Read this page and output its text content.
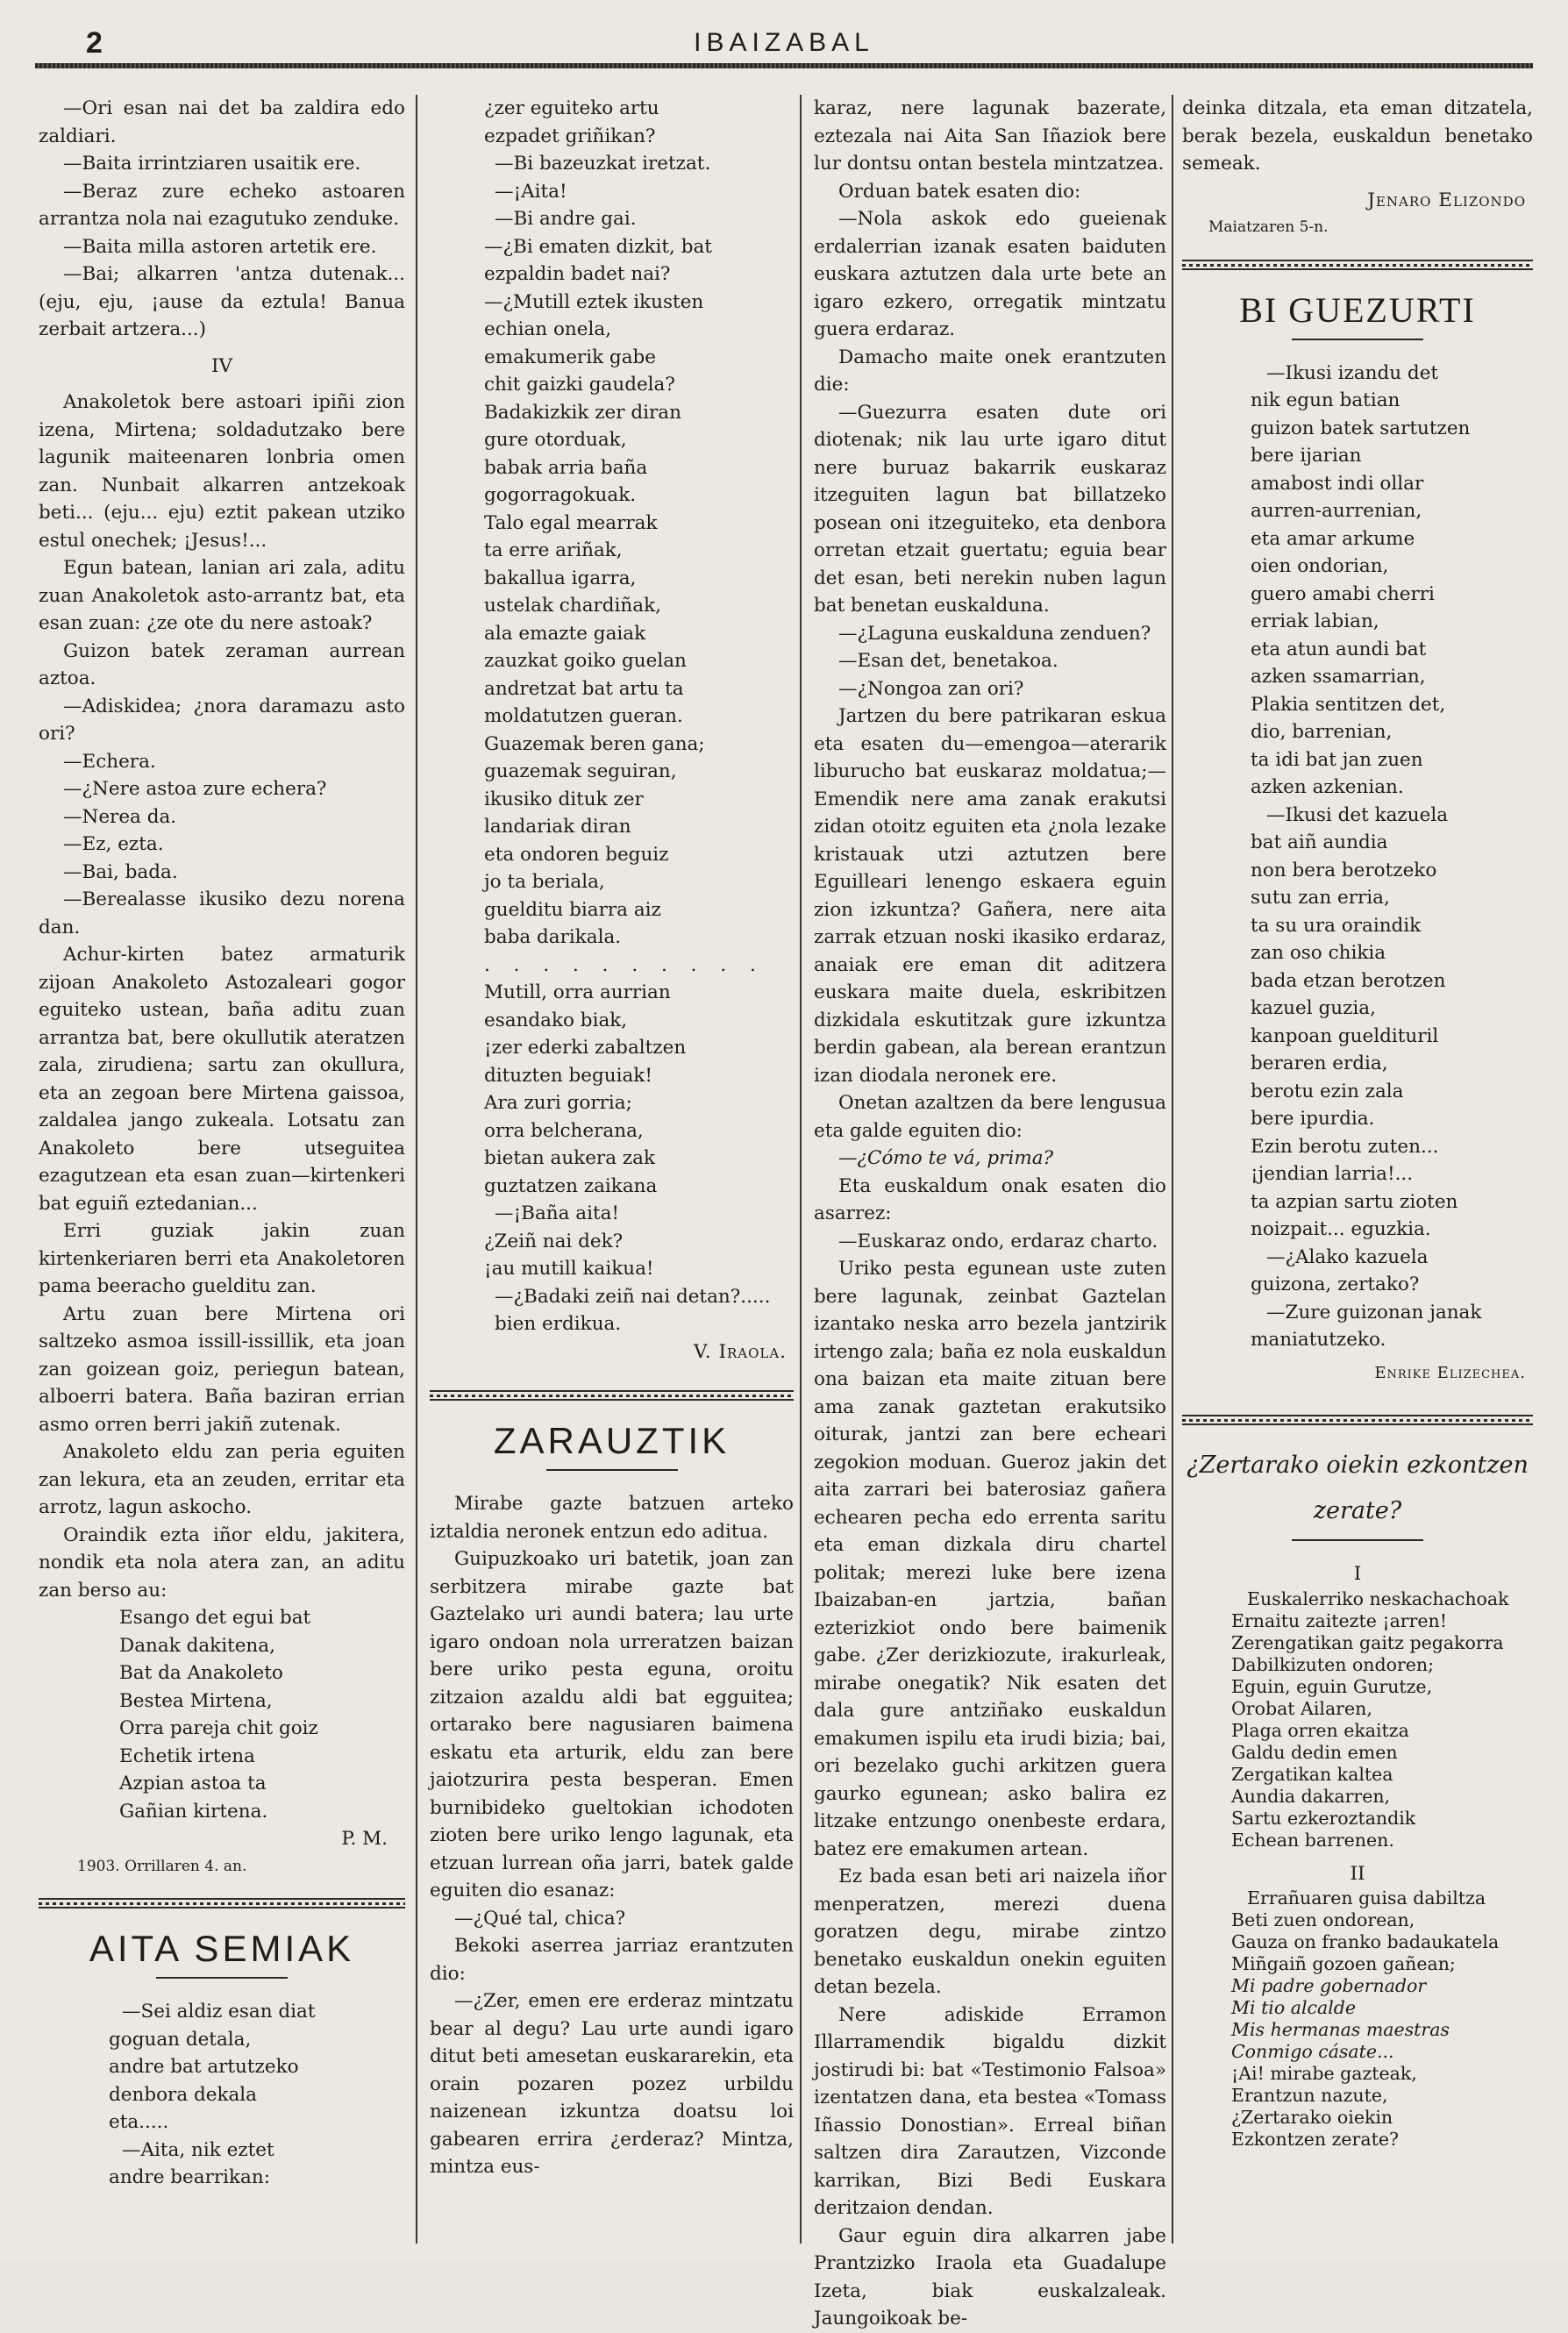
2	IBAIZABAL

—Ori esan nai det ba zaldira edo zaldiari.

—Baita irrintziaren usaitik ere.

—Beraz zure echeko astoaren arrantza nola nai ezagutuko zenduke.

—Baita milla astoren artetik ere.

—Bai; alkarren 'antza dutenak... (eju, eju, ¡ause da eztula! Banua zerbait artzera...)

IV

Anakoletok bere astoari ipiñi zion izena, Mirtena; soldadutzako bere lagunik maiteenaren lonbria omen zan. Nunbait alkarren antzekoak beti... (eju... eju) eztit pakean utziko estul onechek; ¡Jesus!...

Egun batean, lanian ari zala, aditu zuan Anakoletok asto-arrantz bat, eta esan zuan: ¿ze ote du nere astoak?

Guizon batek zeraman aurrean aztoa.

—Adiskidea; ¿nora daramazu asto ori?

—Echera.

—¿Nere astoa zure echera?

—Nerea da.

—Ez, ezta.

—Bai, bada.

—Berealasse ikusiko dezu norena dan.

Achur-kirten batez armaturik zijoan Anakoleto Astozaleari gogor eguiteko ustean, baña aditu zuan arrantza bat, bere okullutik ateratzen zala, zirudiena; sartu zan okullura, eta an zegoan bere Mirtena gaissoa, zaldalea jango zukeala. Lotsatu zan Anakoleto bere utseguitea ezagutzean eta esan zuan—kirtenkeri bat eguiñ eztedanian...

Erri guziak jakin zuan kirtenkeriaren berri eta Anakoletoren pama beeracho guelditu zan.

Artu zuan bere Mirtena ori saltzeko asmoa issill-issillik, eta joan zan goizean goiz, periegun batean, alboerri batera. Baña baziran errian asmo orren berri jakiñ zutenak.

Anakoleto eldu zan peria eguiten zan lekura, eta an zeuden, erritar eta arrotz, lagun askocho.

Oraindik ezta iñor eldu, jakitera, nondik eta nola atera zan, an aditu zan berso au:

Esango det egui bat

Danak dakitena,

Bat da Anakoleto

Bestea Mirtena,

Orra pareja chit goiz

Echetik irtena

Azpian astoa ta

Gañian kirtena.

P. M.

1903. Orrillaren 4. an.

AITA SEMIAK

—Sei aldiz esan diat

goguan detala,

andre bat artutzeko

denbora dekala

eta.....

—Aita, nik eztet

andre bearrikan:

¿zer eguiteko artu

ezpadet griñikan?

—Bi bazeuzkat iretzat.

—¡Aita!

—Bi andre gai.

—¿Bi ematen dizkit, bat

ezpaldin badet nai?

—¿Mutill eztek ikusten

echian onela,

emakumerik gabe

chit gaizki gaudela?

Badakizkik zer diran

gure otorduak,

babak arria baña

gogorragokuak.

Talo egal mearrak

ta erre ariñak,

bakallua igarra,

ustelak chardiñak,

ala emazte gaiak

zauzkat goiko guelan

andretzat bat artu ta

moldatutzen gueran.

Guazemak beren gana;

guazemak seguiran,

ikusiko dituk zer

landariak diran

eta ondoren beguiz

jo ta beriala,

guelditu biarra aiz

baba darikala.

. . . . . . . . . .

Mutill, orra aurrian

esandako biak,

¡zer ederki zabaltzen

dituzten beguiak!

Ara zuri gorria;

orra belcherana,

bietan aukera zak

guztatzen zaikana

—¡Baña aita!

¿Zeiñ nai dek?

¡au mutill kaikua!

—¿Badaki zeiñ nai detan?.....

bien erdikua.

V. Iraola.

ZARAUZTIK

Mirabe gazte batzuen arteko iztaldia neronek entzun edo aditua.

Guipuzkoako uri batetik, joan zan serbitzera mirabe gazte bat Gaztelako uri aundi batera; lau urte igaro ondoan nola urreratzen baizan bere uriko pesta eguna, oroitu zitzaion azaldu aldi bat egguitea; ortarako bere nagusiaren baimena eskatu eta arturik, eldu zan bere jaiotzurira pesta besperan. Emen burnibideko gueltokian ichodoten zioten bere uriko lengo lagunak, eta etzuan lurrean oña jarri, batek galde eguiten dio esanaz:

—¿Qué tal, chica?

Bekoki aserrea jarriaz erantzuten dio:

—¿Zer, emen ere erderaz mintzatu bear al degu? Lau urte aundi igaro ditut beti amesetan euskararekin, eta orain pozaren pozez urbildu naizenean izkuntza doatsu loi gabearen errira ¿erderaz? Mintza, mintza eus-

karaz, nere lagunak bazerate, eztezala nai Aita San Iñaziok bere lur dontsu ontan bestela mintzatzea.

Orduan batek esaten dio:

—Nola askok edo gueienak erdalerrian izanak esaten baiduten euskara aztutzen dala urte bete an igaro ezkero, orregatik mintzatu guera erdaraz.

Damacho maite onek erantzuten die:

—Guezurra esaten dute ori diotenak; nik lau urte igaro ditut nere buruaz bakarrik euskaraz itzeguiten lagun bat billatzeko posean oni itzeguiteko, eta denbora orretan etzait guertatu; eguia bear det esan, beti nerekin nuben lagun bat benetan euskalduna.

—¿Laguna euskalduna zenduen?

—Esan det, benetakoa.

—¿Nongoa zan ori?

Jartzen du bere patrikaran eskua eta esaten du—emengoa—aterarik liburucho bat euskaraz moldatua;—Emendik nere ama zanak erakutsi zidan otoitz eguiten eta ¿nola lezake kristauak utzi aztutzen bere Eguilleari lenengo eskaera eguin zion izkuntza? Gañera, nere aita zarrak etzuan noski ikasiko erdaraz, anaiak ere eman dit aditzera euskara maite duela, eskribitzen dizkidala eskutitzak gure izkuntza berdin gabean, ala berean erantzun izan diodala neronek ere.

Onetan azaltzen da bere lengusua eta galde eguiten dio:

—¿Cómo te vá, prima?

Eta euskaldum onak esaten dio asarrez:

—Euskaraz ondo, erdaraz charto.

Uriko pesta egunean uste zuten bere lagunak, zeinbat Gaztelan izantako neska arro bezela jantzirik irtengo zala; baña ez nola euskaldun ona baizan eta maite zituan bere ama zanak gaztetan erakutsiko oiturak, jantzi zan bere echeari zegokion moduan. Gueroz jakin det aita zarrari bei baterosiaz gañera echearen pecha edo errenta saritu eta eman dizkala diru chartel politak; merezi luke bere izena Ibaizaban-en jartzia, bañan ezterizkiot ondo bere baimenik gabe. ¿Zer derizkiozute, irakurleak, mirabe onegatik? Nik esaten det dala gure antziñako euskaldun emakumen ispilu eta irudi bizia; bai, ori bezelako guchi arkitzen guera gaurko egunean; asko balira ez litzake entzungo onenbeste erdara, batez ere emakumen artean.

Ez bada esan beti ari naizela iñor menperatzen, merezi duena goratzen degu, mirabe zintzo benetako euskaldun onekin eguiten detan bezela.

Nere adiskide Erramon Illarramendik bigaldu dizkit jostirudi bi: bat «Testimonio Falsoa» izentatzen dana, eta bestea «Tomass Iñassio Donostian». Erreal biñan saltzen dira Zarautzen, Vizconde karrikan, Bizi Bedi Euskara deritzaion dendan.

Gaur eguin dira alkarren jabe Prantzizko Iraola eta Guadalupe Izeta, biak euskalzaleak. Jaungoikoak be-

deinka ditzala, eta eman ditzatela, berak bezela, euskaldun benetako semeak.

Jenaro Elizondo

Maiatzaren 5-n.

BI GUEZURTI

—Ikusi izandu det

nik egun batian

guizon batek sartutzen

bere ijarian

amabost indi ollar

aurren-aurrenian,

eta amar arkume

oien ondorian,

guero amabi cherri

erriak labian,

eta atun aundi bat

azken ssamarrian,

Plakia sentitzen det,

dio, barrenian,

ta idi bat jan zuen

azken azkenian.

—Ikusi det kazuela

bat aiñ aundia

non bera berotzeko

sutu zan erria,

ta su ura oraindik

zan oso chikia

bada etzan berotzen

kazuel guzia,

kanpoan gueldituril

beraren erdia,

berotu ezin zala

bere ipurdia.

Ezin berotu zuten...

¡jendian larria!...

ta azpian sartu zioten

noizpait... eguzkia.

—¿Alako kazuela

guizona, zertako?

—Zure guizonan janak

maniatutzeko.

Enrike Elizechea.

¿Zertarako oiekin ezkontzen zerate?

I

Euskalerriko neskachachoak

Ernaitu zaitezte ¡arren!

Zerengatikan gaitz pegakorra

Dabilkizuten ondoren;

Eguin, eguin Gurutze,

Orobat Ailaren,

Plaga orren ekaitza

Galdu dedin emen

Zergatikan kaltea

Aundia dakarren,

Sartu ezkeroztandik

Echean barrenen.

II

Errañuaren guisa dabiltza

Beti zuen ondorean,

Gauza on franko badaukatela

Miñgaiñ gozoen gañean;

Mi padre gobernador

Mi tio alcalde

Mis hermanas maestras

Conmigo cásate...

¡Ai! mirabe gazteak,

Erantzun nazute,

¿Zertarako oiekin

Ezkontzen zerate?
